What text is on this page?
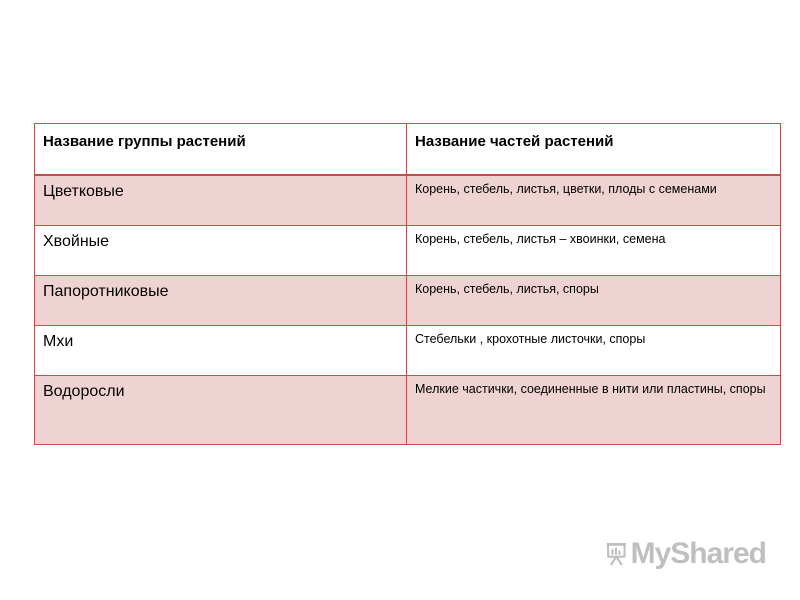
Название группы растений	Название частей растений

Цветковые	Корень, стебель, листья, цветки, плоды с семенами

Хвойные	Корень, стебель, листья – хвоинки, семена

Папоротниковые	Корень, стебель, листья, споры

Мхи	Стебельки , крохотные листочки, споры

Водоросли	Мелкие частички, соединенные в нити или пластины, споры
MyShared
